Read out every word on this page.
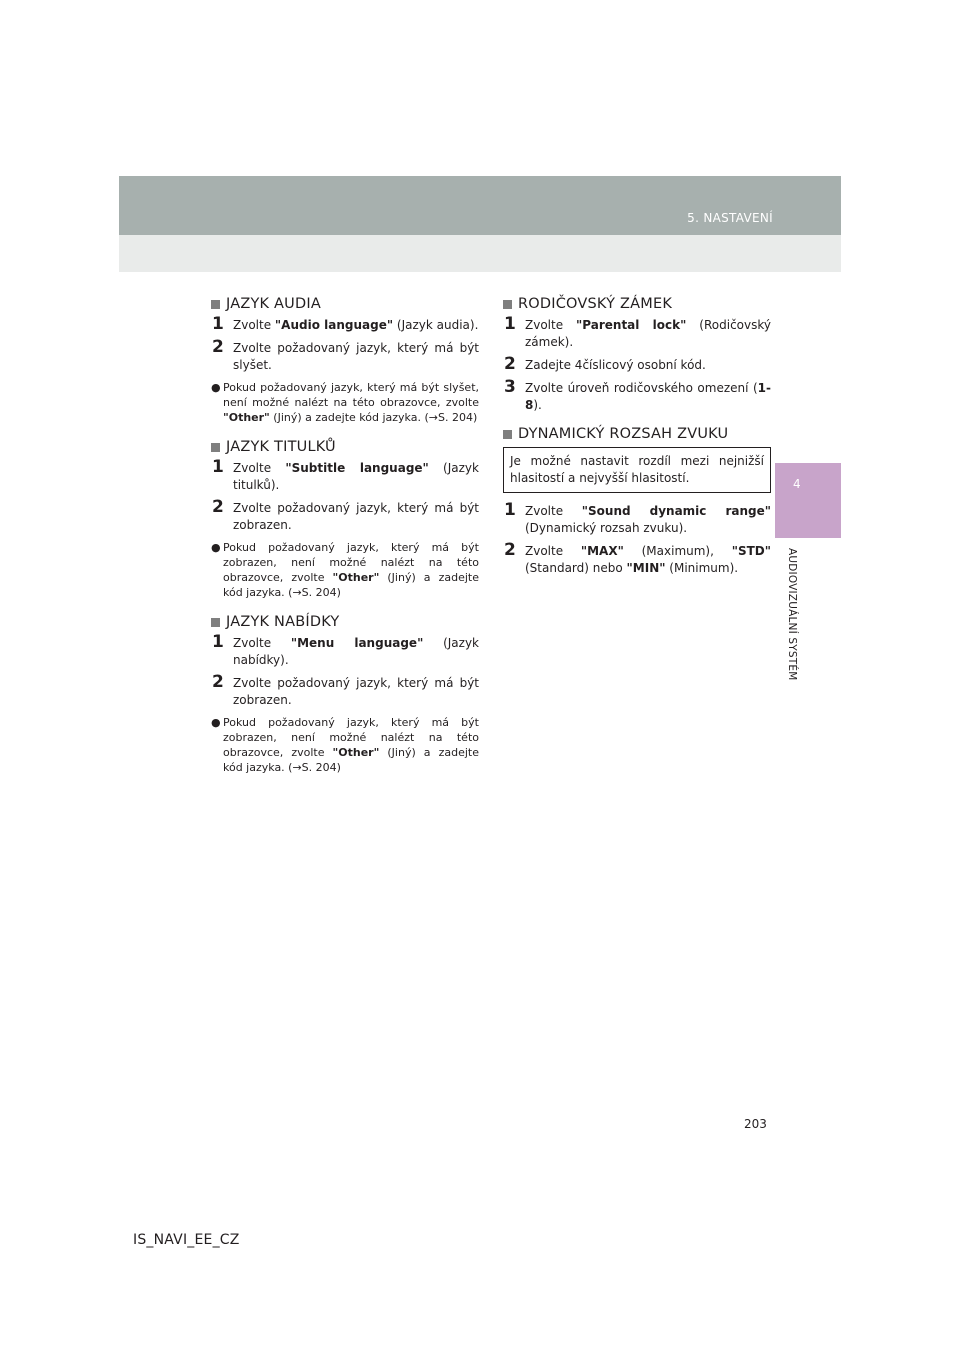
5. NASTAVENÍ
4
AUDIOVIZUÁLNÍ SYSTÉM
JAZYK AUDIA
1 Zvolte "Audio language" (Jazyk audia).
2 Zvolte požadovaný jazyk, který má být slyšet.
● Pokud požadovaný jazyk, který má být slyšet, není možné nalézt na této obrazovce, zvolte "Other" (Jiný) a zadejte kód jazyka. (→S. 204)
JAZYK TITULKŮ
1 Zvolte "Subtitle language" (Jazyk titulků).
2 Zvolte požadovaný jazyk, který má být zobrazen.
● Pokud požadovaný jazyk, který má být zobrazen, není možné nalézt na této obrazovce, zvolte "Other" (Jiný) a zadejte kód jazyka. (→S. 204)
JAZYK NABÍDKY
1 Zvolte "Menu language" (Jazyk nabídky).
2 Zvolte požadovaný jazyk, který má být zobrazen.
● Pokud požadovaný jazyk, který má být zobrazen, není možné nalézt na této obrazovce, zvolte "Other" (Jiný) a zadejte kód jazyka. (→S. 204)
RODIČOVSKÝ ZÁMEK
1 Zvolte "Parental lock" (Rodičovský zámek).
2 Zadejte 4číslicový osobní kód.
3 Zvolte úroveň rodičovského omezení (1-8).
DYNAMICKÝ ROZSAH ZVUKU
Je možné nastavit rozdíl mezi nejnižší hlasitostí a nejvyšší hlasitostí.
1 Zvolte "Sound dynamic range" (Dynamický rozsah zvuku).
2 Zvolte "MAX" (Maximum), "STD" (Standard) nebo "MIN" (Minimum).
203
IS_NAVI_EE_CZ
